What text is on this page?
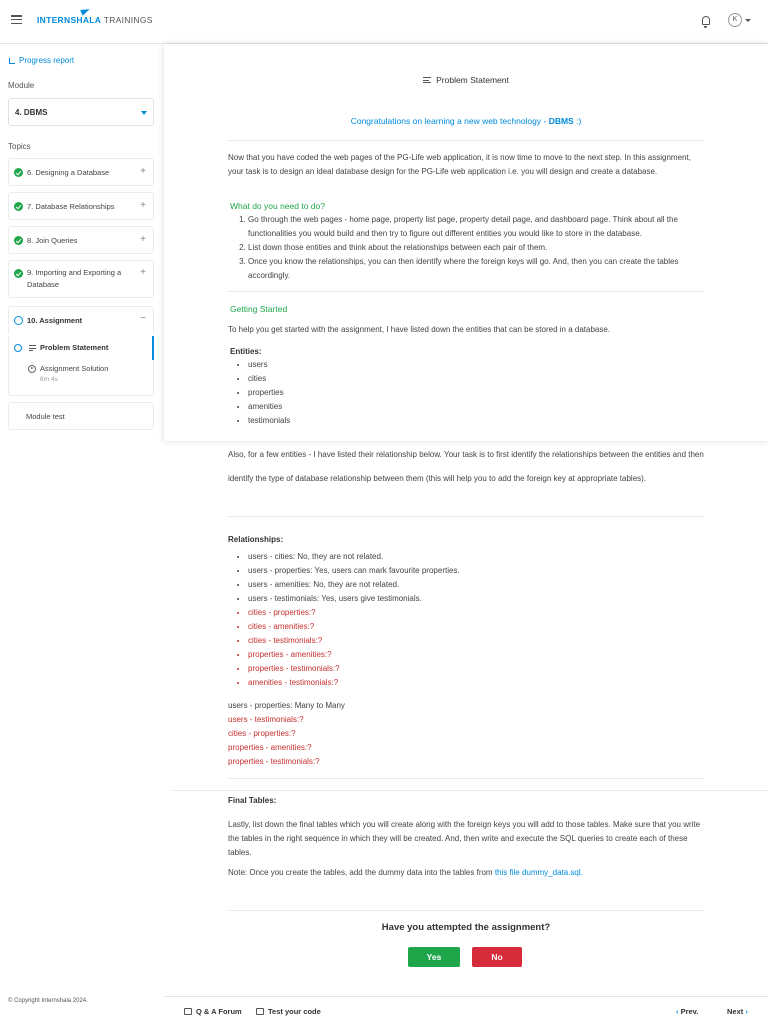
INTERNSHALA TRAININGS	K
Progress report
Module
4. DBMS
Topics
6. Designing a Database	+
7. Database Relationships	+
8. Join Queries	+
9. Importing and Exporting a Database
+
10. Assignment	−
Problem Statement
Assignment Solution
6m 4s
Module test
© Copyright Internshala 2024.
Problem Statement
Congratulations on learning a new web technology - DBMS :)
Now that you have coded the web pages of the PG-Life web application, it is now time to move to the next step. In this assignment, your task is to design an ideal database design for the PG-Life web application i.e. you will design and create a database.
What do you need to do?
1. Go through the web pages - home page, property list page, property detail page, and dashboard page. Think about all the functionalities you would build and then try to figure out different entities you would like to store in the database.
2. List down those entities and think about the relationships between each pair of them.
3. Once you know the relationships, you can then identify where the foreign keys will go. And, then you can create the tables accordingly.
Getting Started
To help you get started with the assignment, I have listed down the entities that can be stored in a database.
Entities:
• users
• cities
• properties
• amenities
• testimonials
Also, for a few entities - I have listed their relationship below. Your task is to first identify the relationships between the entities and then identify the type of database relationship between them (this will help you to add the foreign key at appropriate tables).
Relationships:
• users - cities: No, they are not related.
• users - properties: Yes, users can mark favourite properties.
• users - amenities: No, they are not related.
• users - testimonials: Yes, users give testimonials.
• cities - properties:?
• cities - amenities:?
• cities - testimonials:?
• properties - amenities:?
• properties - testimonials:?
• amenities - testimonials:?
users - properties: Many to Many
users - testimonials:?
cities - properties:?
properties - amenities:?
properties - testimonials:?
Final Tables:
Lastly, list down the final tables which you will create along with the foreign keys you will add to those tables. Make sure that you write the tables in the right sequence in which they will be created. And, then write and execute the SQL queries to create each of these tables.
Note: Once you create the tables, add the dummy data into the tables from this file dummy_data.sql.
Have you attempted the assignment?
Yes	No
Q & A Forum	Test your code	‹ Prev.	Next ›
